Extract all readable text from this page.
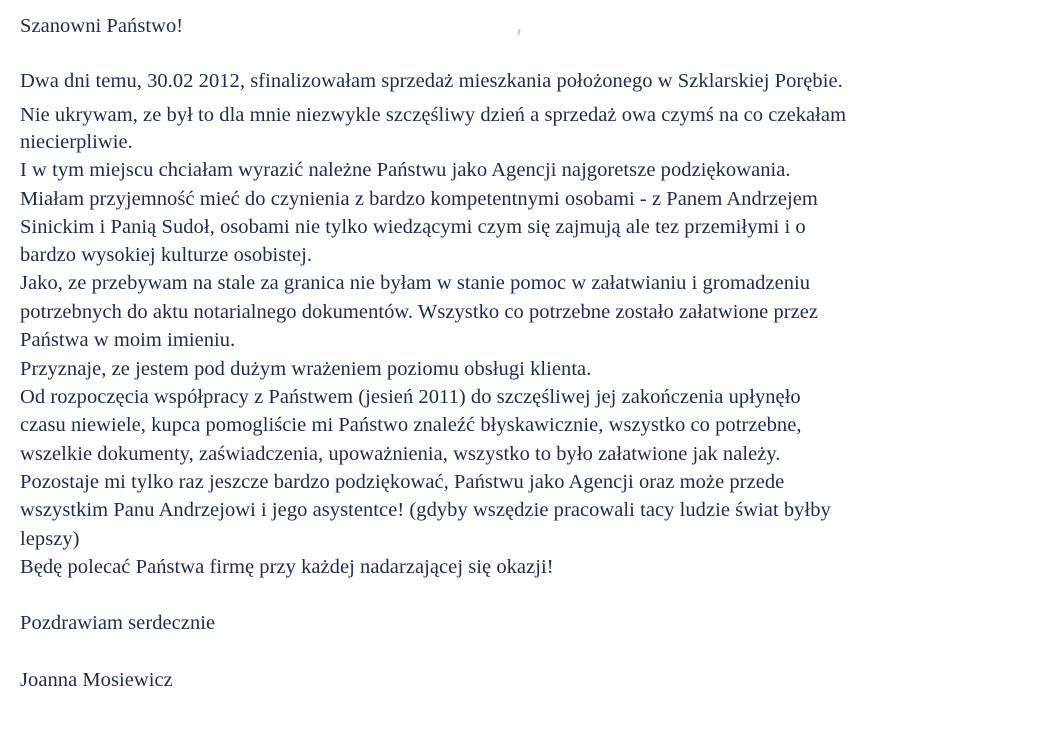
Szanowni Państwo!
Dwa dni temu, 30.02 2012, sfinalizowałam sprzedaż mieszkania położonego w Szklarskiej Porębie.
Nie ukrywam, ze był to dla mnie niezwykle szczęśliwy dzień a sprzedaż owa czymś na co czekałam
niecierpliwie.
I w tym miejscu chciałam wyrazić należne Państwu jako Agencji najgoretsze podziękowania.
Miałam przyjemność mieć do czynienia z bardzo kompetentnymi osobami - z Panem Andrzejem
Sinickim i Panią Sudoł, osobami nie tylko wiedzącymi czym się zajmują ale tez przemiłymi i o
bardzo wysokiej kulturze osobistej.
Jako, ze przebywam na stale za granica nie byłam w stanie pomoc w załatwianiu i gromadzeniu
potrzebnych do aktu notarialnego dokumentów. Wszystko co potrzebne zostało załatwione przez
Państwa w moim imieniu.
Przyznaje, ze jestem pod dużym wrażeniem poziomu obsługi klienta.
Od rozpoczęcia współpracy z Państwem (jesień 2011) do szczęśliwej jej zakończenia upłynęło
czasu niewiele, kupca pomogliście mi Państwo znaleźć błyskawicznie, wszystko co potrzebne,
wszelkie dokumenty, zaświadczenia, upoważnienia, wszystko to było załatwione jak należy.
Pozostaje mi tylko raz jeszcze bardzo podziękować, Państwu jako Agencji oraz może przede
wszystkim Panu Andrzejowi i jego asystentce! (gdyby wszędzie pracowali tacy ludzie świat byłby
lepszy)
Będę polecać Państwa firmę przy każdej nadarzającej się okazji!
Pozdrawiam serdecznie
Joanna Mosiewicz
